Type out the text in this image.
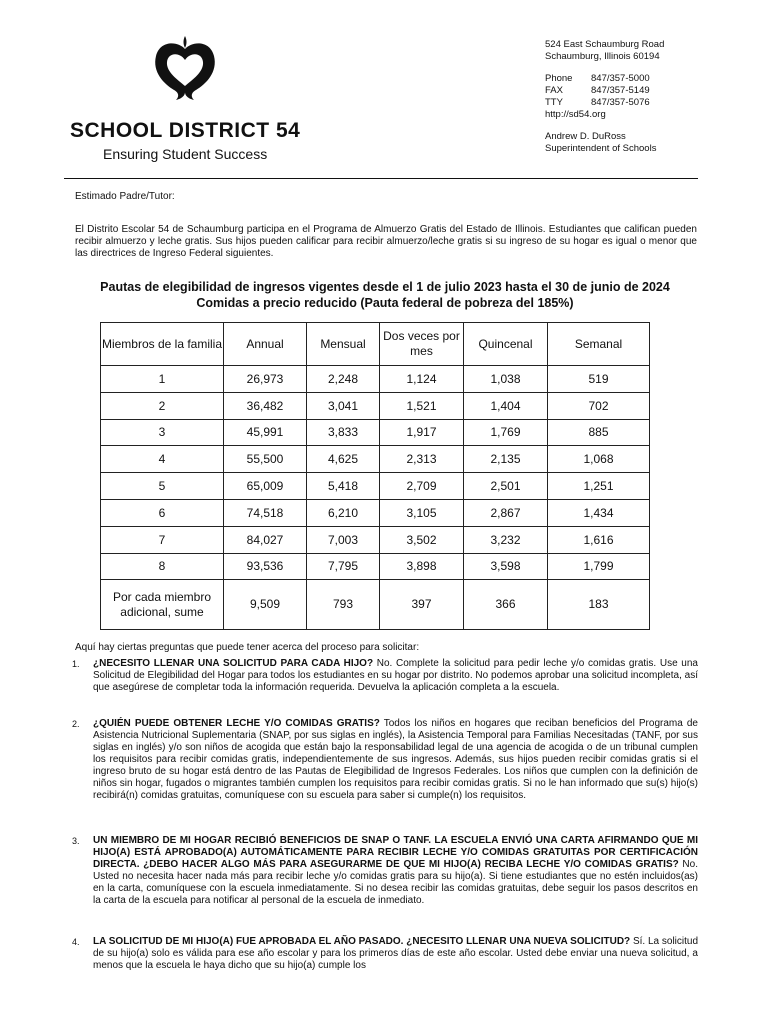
SCHOOL DISTRICT 54
Ensuring Student Success
524 East Schaumburg Road
Schaumburg, Illinois 60194
Phone	847/357-5000
FAX	847/357-5149
TTY	847/357-5076
http://sd54.org
Andrew D. DuRoss
Superintendent of Schools
Estimado Padre/Tutor:
El Distrito Escolar 54 de Schaumburg participa en el Programa de Almuerzo Gratis del Estado de Illinois. Estudiantes que califican pueden recibir almuerzo y leche gratis. Sus hijos pueden calificar para recibir almuerzo/leche gratis si su ingreso de su hogar es igual o menor que las directrices de Ingreso Federal siguientes.
Pautas de elegibilidad de ingresos vigentes desde el 1 de julio 2023 hasta el 30 de junio de 2024
Comidas a precio reducido (Pauta federal de pobreza del 185%)
Miembros de la familia	Annual	Mensual	Dos veces por mes	Quincenal	Semanal
1	26,973	2,248	1,124	1,038	519
2	36,482	3,041	1,521	1,404	702
3	45,991	3,833	1,917	1,769	885
4	55,500	4,625	2,313	2,135	1,068
5	65,009	5,418	2,709	2,501	1,251
6	74,518	6,210	3,105	2,867	1,434
7	84,027	7,003	3,502	3,232	1,616
8	93,536	7,795	3,898	3,598	1,799
Por cada miembro adicional, sume	9,509	793	397	366	183
Aquí hay ciertas preguntas que puede tener acerca del proceso para solicitar:
1. ¿NECESITO LLENAR UNA SOLICITUD PARA CADA HIJO? No. Complete la solicitud para pedir leche y/o comidas gratis. Use una Solicitud de Elegibilidad del Hogar para todos los estudiantes en su hogar por distrito. No podemos aprobar una solicitud incompleta, así que asegúrese de completar toda la información requerida. Devuelva la aplicación completa a la escuela.
2. ¿QUIÉN PUEDE OBTENER LECHE Y/O COMIDAS GRATIS? Todos los niños en hogares que reciban beneficios del Programa de Asistencia Nutricional Suplementaria (SNAP, por sus siglas en inglés), la Asistencia Temporal para Familias Necesitadas (TANF, por sus siglas en inglés) y/o son niños de acogida que están bajo la responsabilidad legal de una agencia de acogida o de un tribunal cumplen los requisitos para recibir comidas gratis, independientemente de sus ingresos. Además, sus hijos pueden recibir comidas gratis si el ingreso bruto de su hogar está dentro de las Pautas de Elegibilidad de Ingresos Federales. Los niños que cumplen con la definición de niños sin hogar, fugados o migrantes también cumplen los requisitos para recibir comidas gratis. Si no le han informado que su(s) hijo(s) recibirá(n) comidas gratuitas, comuníquese con su escuela para saber si cumple(n) los requisitos.
3. UN MIEMBRO DE MI HOGAR RECIBIÓ BENEFICIOS DE SNAP O TANF. LA ESCUELA ENVIÓ UNA CARTA AFIRMANDO QUE MI HIJO(A) ESTÁ APROBADO(A) AUTOMÁTICAMENTE PARA RECIBIR LECHE Y/O COMIDAS GRATUITAS POR CERTIFICACIÓN DIRECTA. ¿DEBO HACER ALGO MÁS PARA ASEGURARME DE QUE MI HIJO(A) RECIBA LECHE Y/O COMIDAS GRATIS? No. Usted no necesita hacer nada más para recibir leche y/o comidas gratis para su hijo(a). Si tiene estudiantes que no estén incluidos(as) en la carta, comuníquese con la escuela inmediatamente. Si no desea recibir las comidas gratuitas, debe seguir los pasos descritos en la carta de la escuela para notificar al personal de la escuela de inmediato.
4. LA SOLICITUD DE MI HIJO(A) FUE APROBADA EL AÑO PASADO. ¿NECESITO LLENAR UNA NUEVA SOLICITUD? Sí. La solicitud de su hijo(a) solo es válida para ese año escolar y para los primeros días de este año escolar. Usted debe enviar una nueva solicitud, a menos que la escuela le haya dicho que su hijo(a) cumple los
